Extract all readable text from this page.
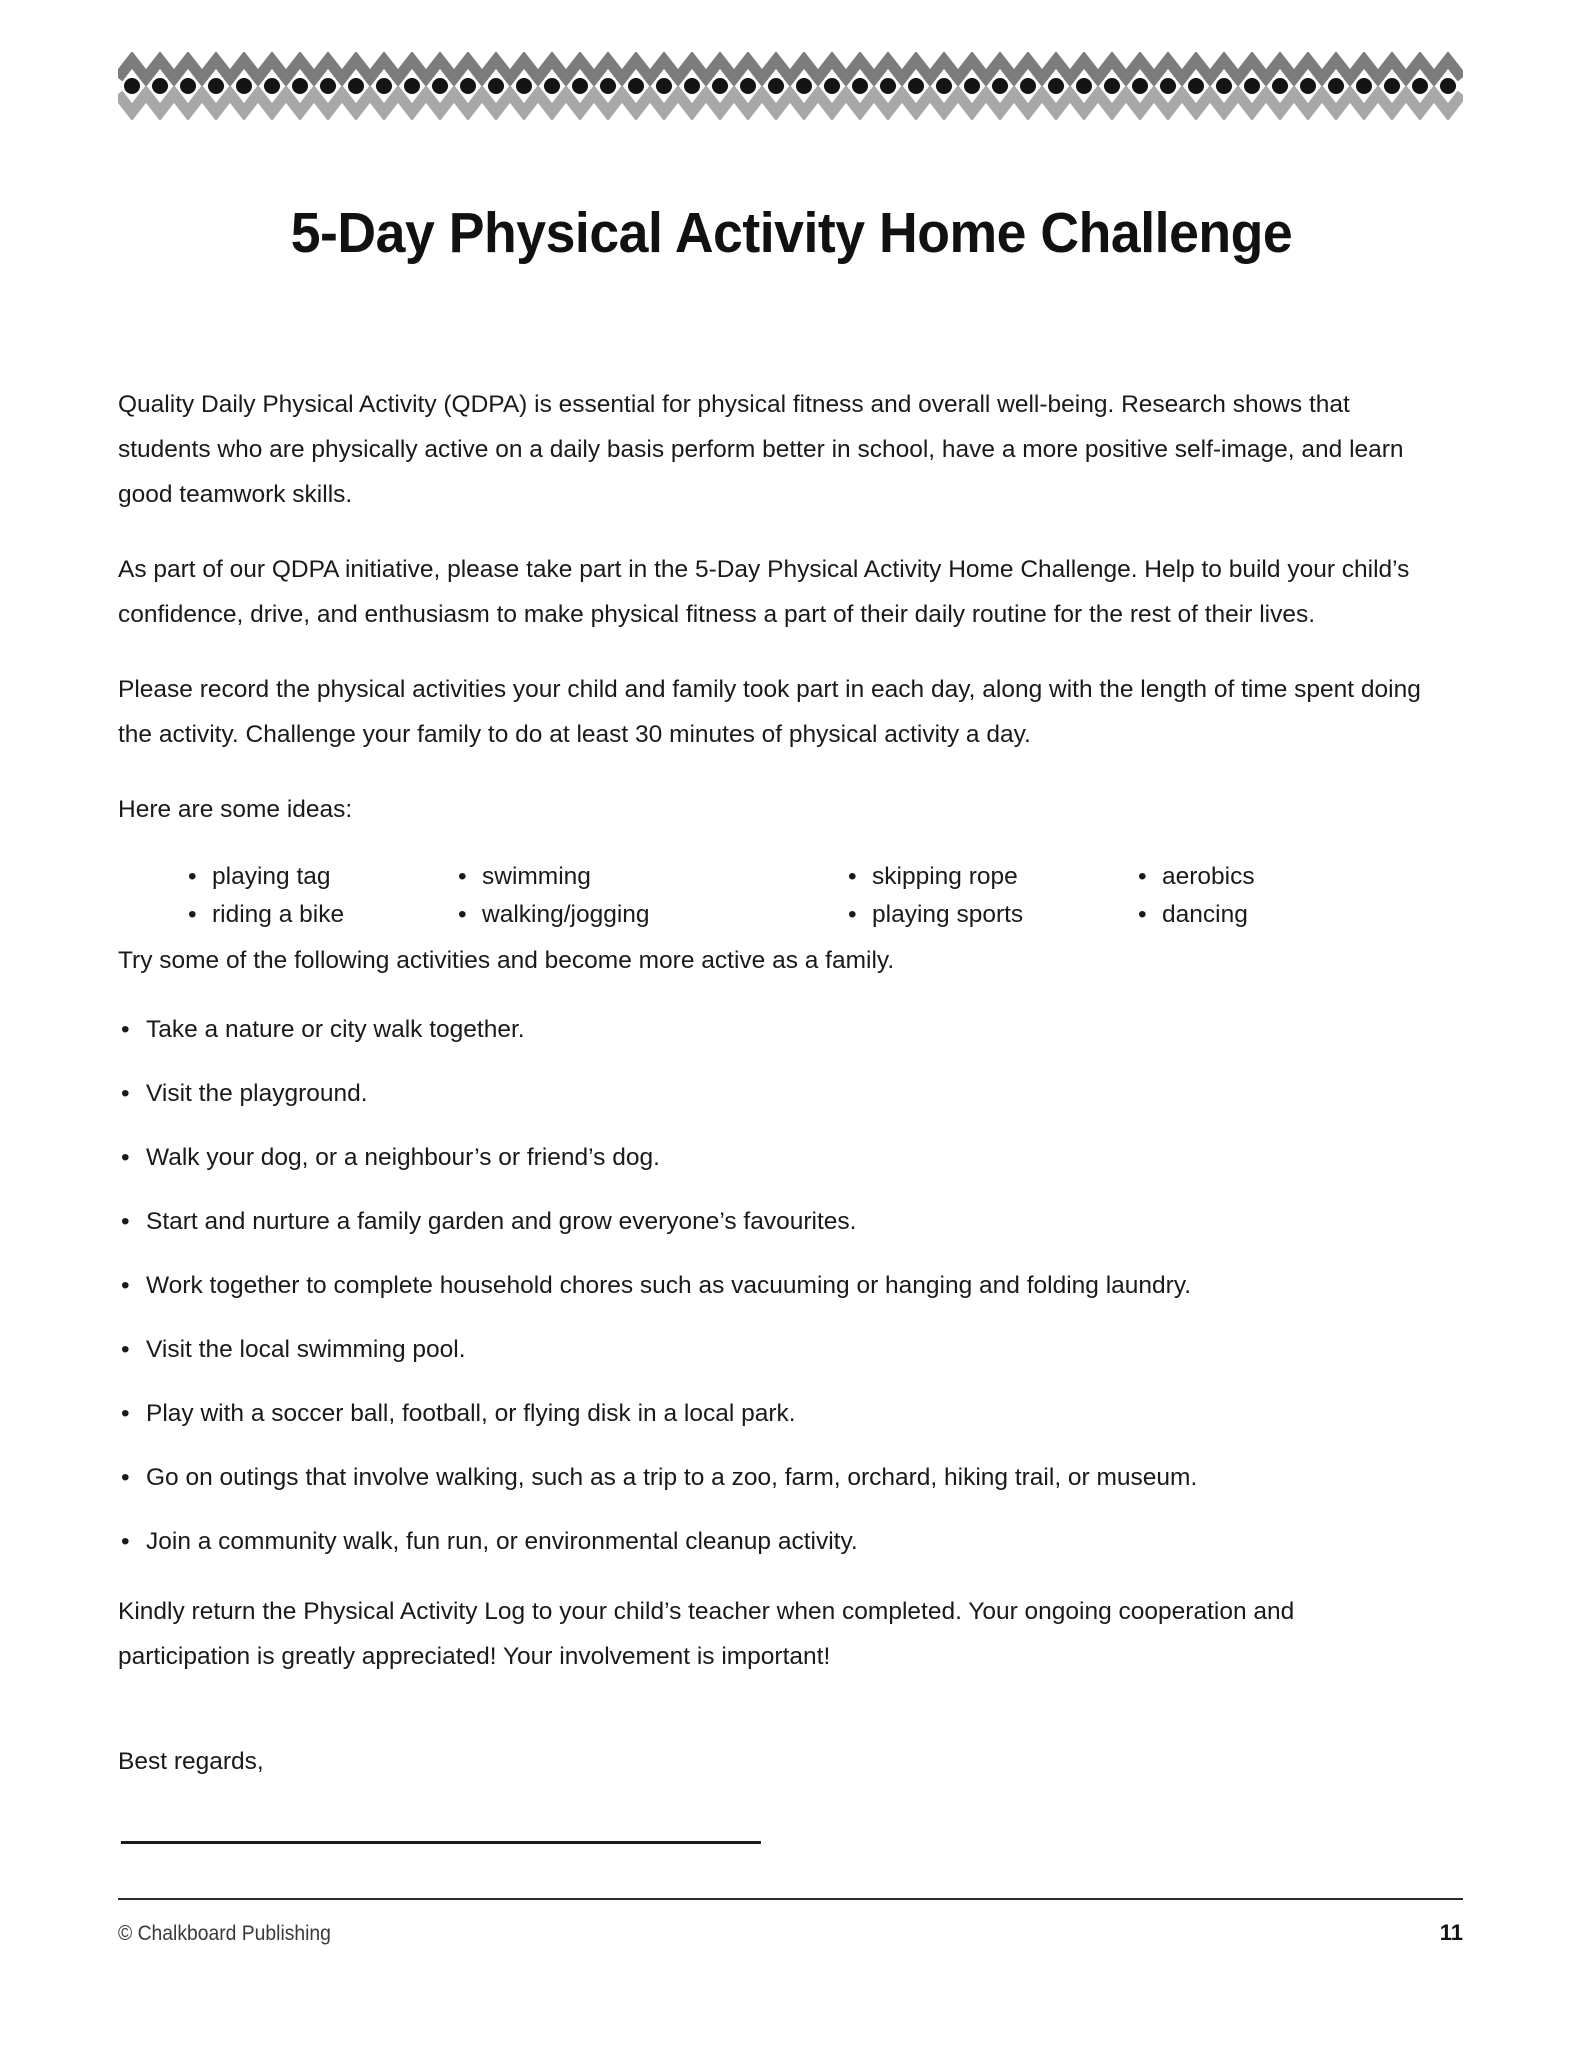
5-Day Physical Activity Home Challenge

Quality Daily Physical Activity (QDPA) is essential for physical fitness and overall well-being. Research shows that students who are physically active on a daily basis perform better in school, have a more positive self-image, and learn good teamwork skills.

As part of our QDPA initiative, please take part in the 5-Day Physical Activity Home Challenge. Help to build your child’s confidence, drive, and enthusiasm to make physical fitness a part of their daily routine for the rest of their lives.

Please record the physical activities your child and family took part in each day, along with the length of time spent doing the activity. Challenge your family to do at least 30 minutes of physical activity a day.

Here are some ideas:

• playing tag	• swimming	• skipping rope	• aerobics
• riding a bike	• walking/jogging	• playing sports	• dancing

Try some of the following activities and become more active as a family.

• Take a nature or city walk together.
• Visit the playground.
• Walk your dog, or a neighbour’s or friend’s dog.
• Start and nurture a family garden and grow everyone’s favourites.
• Work together to complete household chores such as vacuuming or hanging and folding laundry.
• Visit the local swimming pool.
• Play with a soccer ball, football, or flying disk in a local park.
• Go on outings that involve walking, such as a trip to a zoo, farm, orchard, hiking trail, or museum.
• Join a community walk, fun run, or environmental cleanup activity.

Kindly return the Physical Activity Log to your child’s teacher when completed. Your ongoing cooperation and participation is greatly appreciated! Your involvement is important!

Best regards,

© Chalkboard Publishing	11
